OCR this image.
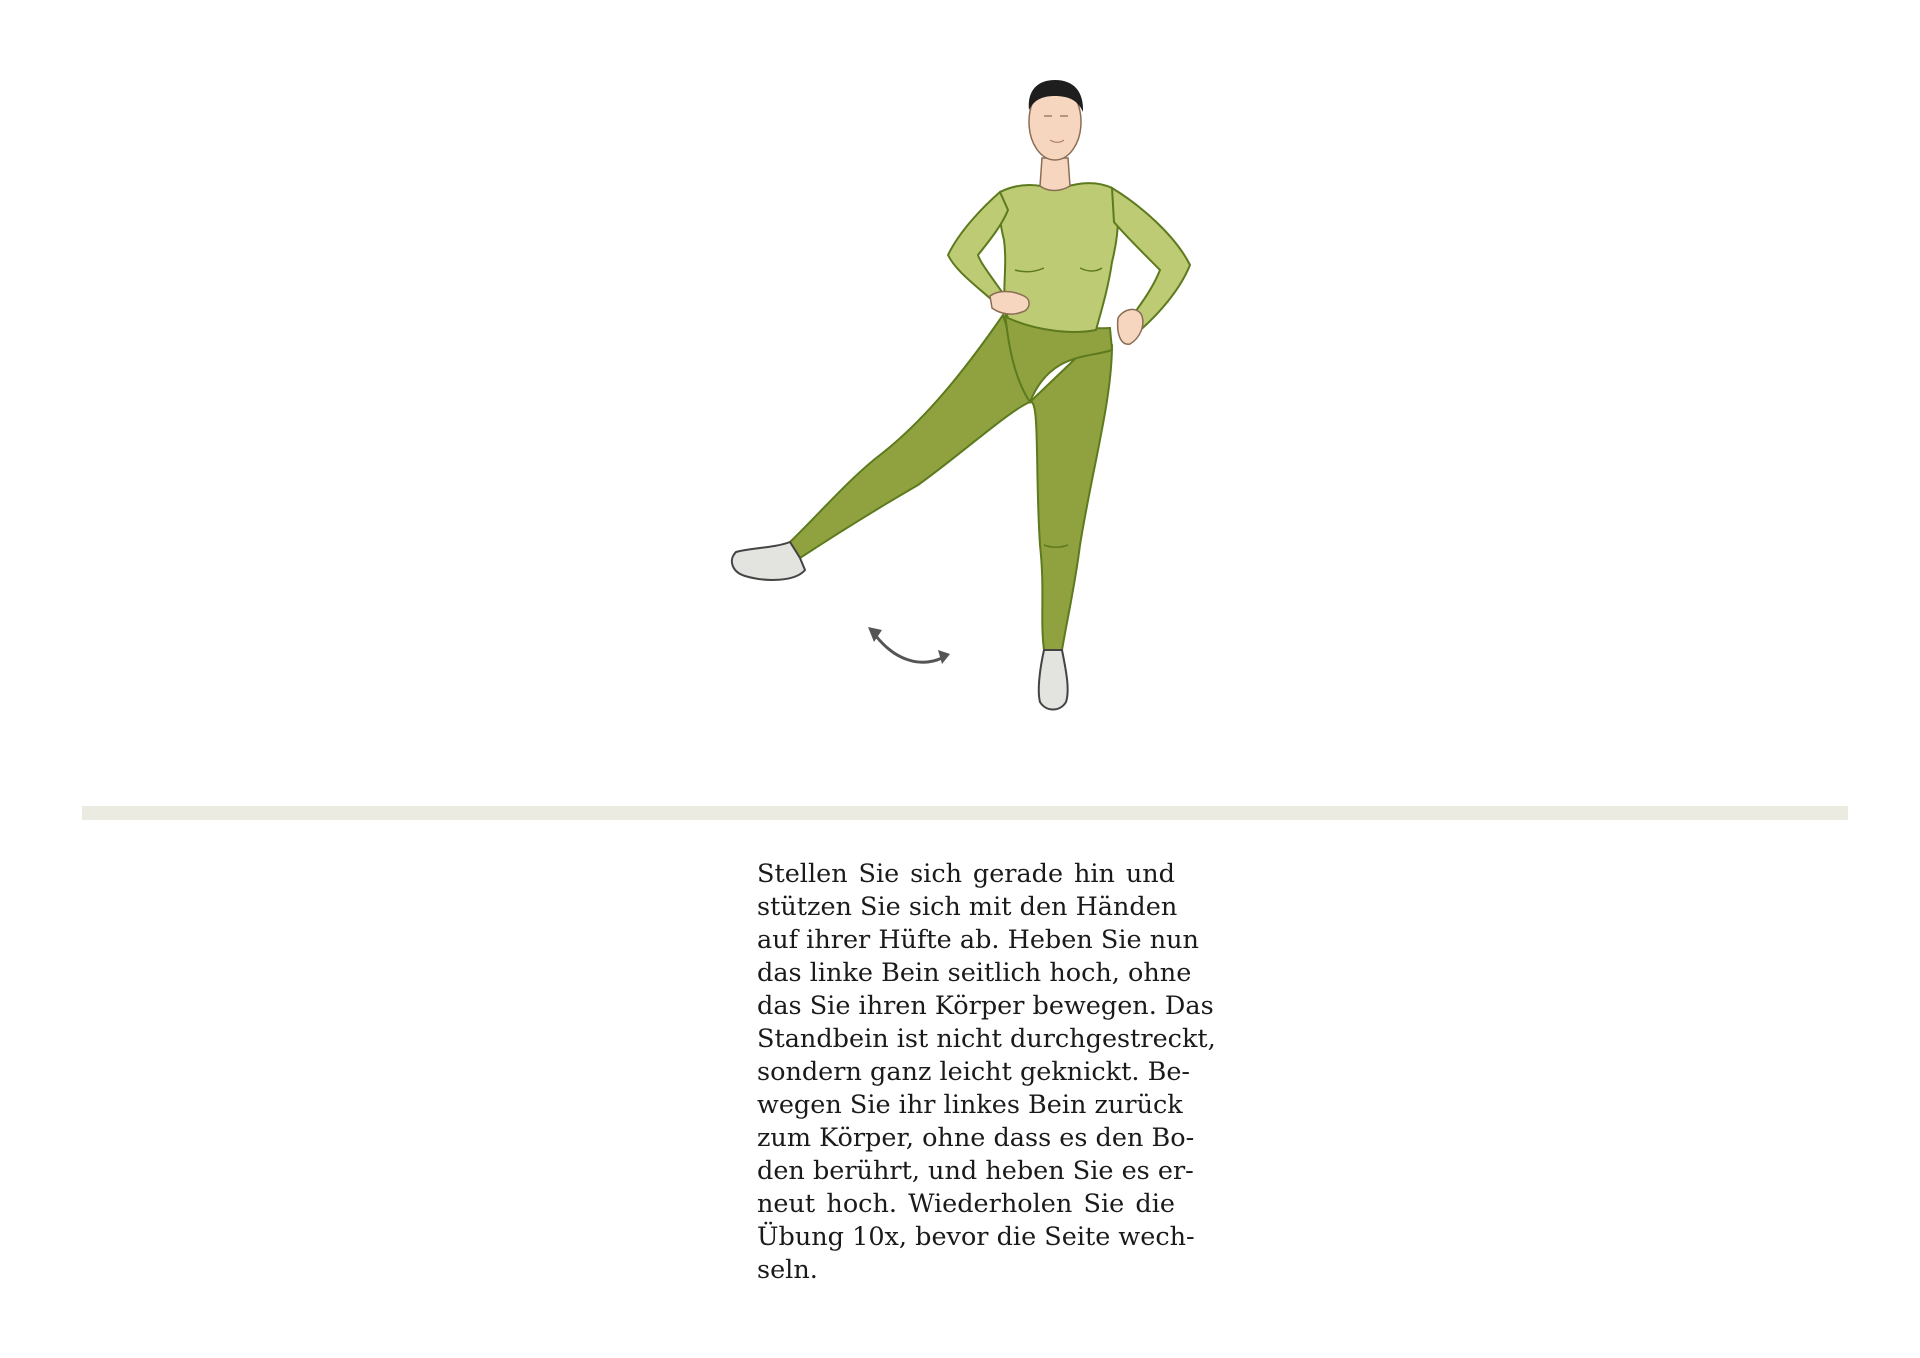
Stellen Sie sich gerade hin und
stützen Sie sich mit den Händen
auf ihrer Hüfte ab. Heben Sie nun
das linke Bein seitlich hoch, ohne
das Sie ihren Körper bewegen. Das
Standbein ist nicht durchgestreckt,
sondern ganz leicht geknickt. Be-
wegen Sie ihr linkes Bein zurück
zum Körper, ohne dass es den Bo-
den berührt, und heben Sie es er-
neut hoch. Wiederholen Sie die
Übung 10x, bevor die Seite wech-
seln.
